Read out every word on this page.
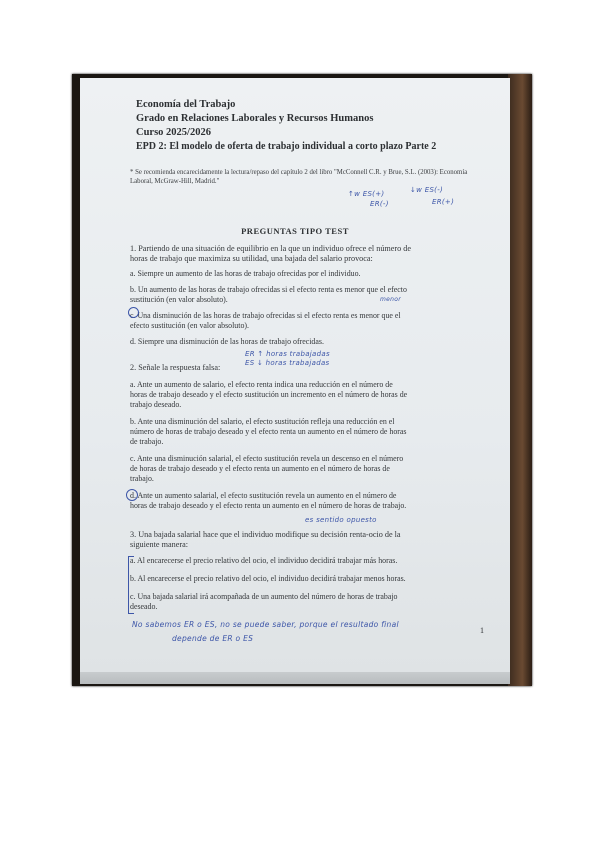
Economía del Trabajo
Grado en Relaciones Laborales y Recursos Humanos
Curso 2025/2026
EPD 2: El modelo de oferta de trabajo individual a corto plazo Parte 2
* Se recomienda encarecidamente la lectura/repaso del capítulo 2 del libro "McConnell C.R. y Brue, S.L. (2003): Economía Laboral, McGraw-Hill, Madrid."
↑w ES(+)
ER(-)
↓w ES(-)
ER(+)
PREGUNTAS TIPO TEST
1. Partiendo de una situación de equilibrio en la que un individuo ofrece el número de
horas de trabajo que maximiza su utilidad, una bajada del salario provoca:
a. Siempre un aumento de las horas de trabajo ofrecidas por el individuo.
b. Un aumento de las horas de trabajo ofrecidas si el efecto renta es menor que el efecto
sustitución (en valor absoluto).
c. Una disminución de las horas de trabajo ofrecidas si el efecto renta es menor que el
efecto sustitución (en valor absoluto).
d. Siempre una disminución de las horas de trabajo ofrecidas.
menor
ER ↑ horas trabajadas
ES ↓ horas trabajadas
2. Señale la respuesta falsa:
a. Ante un aumento de salario, el efecto renta indica una reducción en el número de
horas de trabajo deseado y el efecto sustitución un incremento en el número de horas de
trabajo deseado.
b. Ante una disminución del salario, el efecto sustitución refleja una reducción en el
número de horas de trabajo deseado y el efecto renta un aumento en el número de horas
de trabajo.
c. Ante una disminución salarial, el efecto sustitución revela un descenso en el número
de horas de trabajo deseado y el efecto renta un aumento en el número de horas de
trabajo.
d. Ante un aumento salarial, el efecto sustitución revela un aumento en el número de
horas de trabajo deseado y el efecto renta un aumento en el número de horas de trabajo.
es sentido opuesto
3. Una bajada salarial hace que el individuo modifique su decisión renta-ocio de la
siguiente manera:
a. Al encarecerse el precio relativo del ocio, el individuo decidirá trabajar más horas.
b. Al encarecerse el precio relativo del ocio, el individuo decidirá trabajar menos horas.
c. Una bajada salarial irá acompañada de un aumento del número de horas de trabajo
deseado.
No sabemos ER o ES, no se puede saber, porque el resultado final
depende de ER o ES
1
